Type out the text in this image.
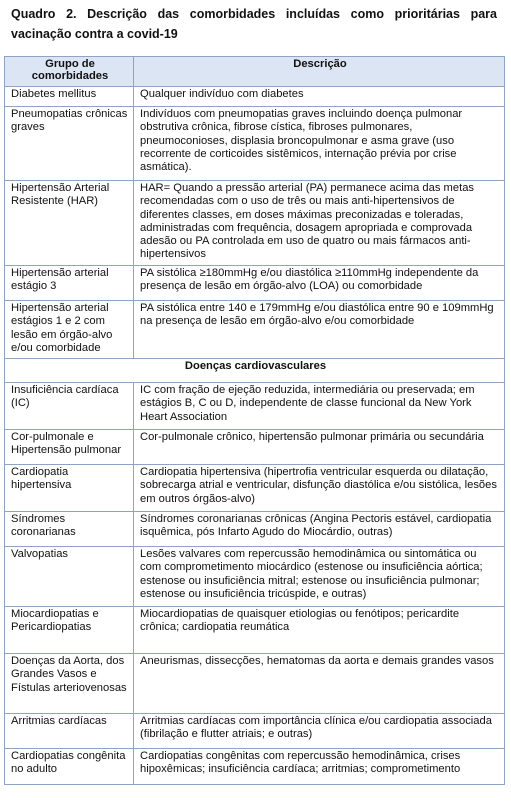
Quadro 2. Descrição das comorbidades incluídas como prioritárias para vacinação contra a covid-19
Grupo de comorbidades	Descrição
Diabetes mellitus	Qualquer indivíduo com diabetes
Pneumopatias crônicas graves	Indivíduos com pneumopatias graves incluindo doença pulmonar obstrutiva crônica, fibrose cística, fibroses pulmonares, pneumoconioses, displasia broncopulmonar e asma grave (uso recorrente de corticoides sistêmicos, internação prévia por crise asmática).
Hipertensão Arterial Resistente (HAR)	HAR= Quando a pressão arterial (PA) permanece acima das metas recomendadas com o uso de três ou mais anti-hipertensivos de diferentes classes, em doses máximas preconizadas e toleradas, administradas com frequência, dosagem apropriada e comprovada adesão ou PA controlada em uso de quatro ou mais fármacos anti-hipertensivos
Hipertensão arterial estágio 3	PA sistólica ≥180mmHg e/ou diastólica ≥110mmHg independente da presença de lesão em órgão-alvo (LOA) ou comorbidade
Hipertensão arterial estágios 1 e 2 com lesão em órgão-alvo e/ou comorbidade	PA sistólica entre 140 e 179mmHg e/ou diastólica entre 90 e 109mmHg na presença de lesão em órgão-alvo e/ou comorbidade
Doenças cardiovasculares	
Insuficiência cardíaca (IC)	IC com fração de ejeção reduzida, intermediária ou preservada; em estágios B, C ou D, independente de classe funcional da New York Heart Association
Cor-pulmonale e Hipertensão pulmonar	Cor-pulmonale crônico, hipertensão pulmonar primária ou secundária
Cardiopatia hipertensiva	Cardiopatia hipertensiva (hipertrofia ventricular esquerda ou dilatação, sobrecarga atrial e ventricular, disfunção diastólica e/ou sistólica, lesões em outros órgãos-alvo)
Síndromes coronarianas	Síndromes coronarianas crônicas (Angina Pectoris estável, cardiopatia isquêmica, pós Infarto Agudo do Miocárdio, outras)
Valvopatias	Lesões valvares com repercussão hemodinâmica ou sintomática ou com comprometimento miocárdico (estenose ou insuficiência aórtica; estenose ou insuficiência mitral; estenose ou insuficiência pulmonar; estenose ou insuficiência tricúspide, e outras)
Miocardiopatias e Pericardiopatias	Miocardiopatias de quaisquer etiologias ou fenótipos; pericardite crônica; cardiopatia reumática
Doenças da Aorta, dos Grandes Vasos e Fístulas arteriovenosas	Aneurismas, dissecções, hematomas da aorta e demais grandes vasos
Arritmias cardíacas	Arritmias cardíacas com importância clínica e/ou cardiopatia associada (fibrilação e flutter atriais; e outras)
Cardiopatias congênita no adulto	Cardiopatias congênitas com repercussão hemodinâmica, crises hipoxêmicas; insuficiência cardíaca; arritmias; comprometimento
